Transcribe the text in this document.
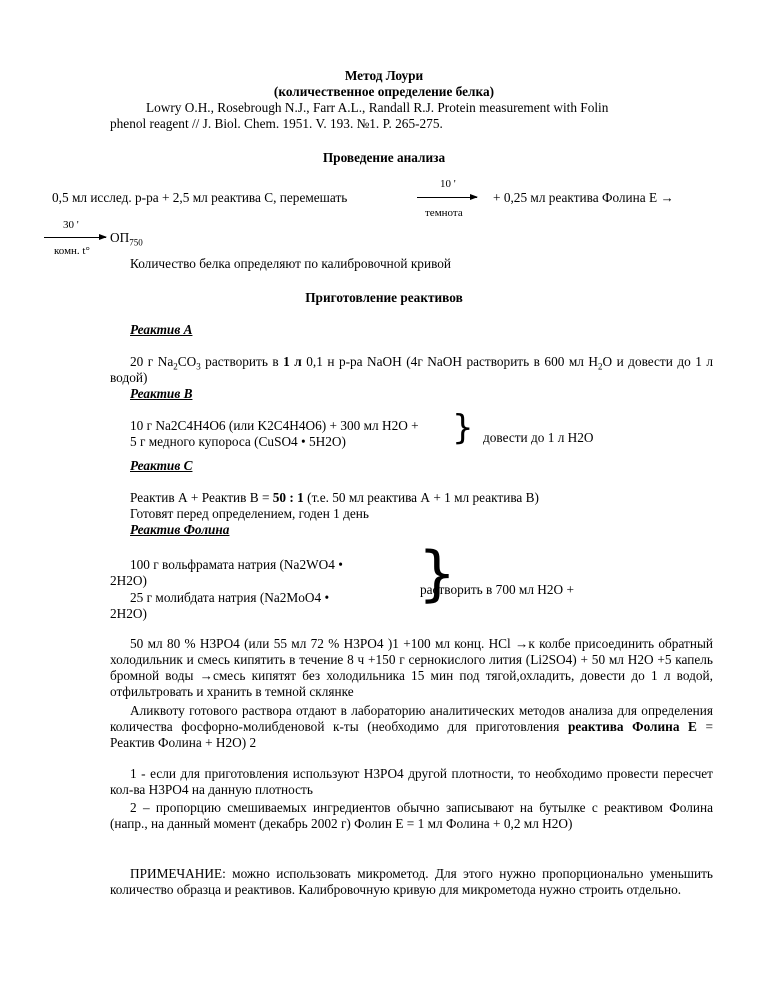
Метод Лоури
(количественное определение белка)
Lowry O.H., Rosebrough N.J., Farr A.L., Randall R.J. Protein measurement with Folin
phenol reagent // J. Biol. Chem. 1951. V. 193. №1. P. 265-275.
Проведение анализа
0,5 мл исслед. р-ра + 2,5 мл реактива С, перемешать
10 '
темнота
+ 0,25 мл реактива Фолина Е →
30 '
комн. t°
$ОП_{750}$
Количество белка определяют по калибровочной кривой
Приготовление реактивов
Реактив А
20 г $Na_2CO_3$ растворить в 1 л 0,1 н р-ра NaOH (4г NaOH растворить в 600 мл $H_2O$ и довести до 1 л водой)
Реактив В
10 г Na2C4H4O6 (или K2C4H4O6) + 300 мл H2O +
5 г медного купороса (CuSO4 • 5H2O)	} довести до 1 л H2O
Реактив С
Реактив А + Реактив В = 50 : 1 (т.е. 50 мл реактива А + 1 мл реактива В)
Готовят перед определением, годен 1 день
Реактив Фолина
100 г вольфрамата натрия (Na2WO4 •
2H2O)
25 г молибдата натрия (Na2MoO4 •
2H2O)
}
растворить в 700 мл H2O +
50 мл 80 % H3PO4 (или 55 мл 72 % H3PO4 )1 +100 мл конц. HCl →к колбе присоединить обратный холодильник и смесь кипятить в течение 8 ч +150 г сернокислого лития (Li2SO4) + 50 мл H2O +5 капель бромной воды →смесь кипятят без холодильника 15 мин под тягой,охладить, довести до 1 л водой, отфильтровать и хранить в темной склянке
Аликвоту готового раствора отдают в лабораторию аналитических методов анализа для определения количества фосфорно-молибденовой к-ты (необходимо для приготовления реактива Фолина Е = Реактив Фолина + H2O) 2
1 - если для приготовления используют H3PO4 другой плотности, то необходимо провести пересчет кол-ва H3PO4 на данную плотность
2 – пропорцию смешиваемых ингредиентов обычно записывают на бутылке с реактивом Фолина (напр., на данный момент (декабрь 2002 г) Фолин Е = 1 мл Фолина + 0,2 мл H2O)
ПРИМЕЧАНИЕ: можно использовать микрометод. Для этого нужно пропорционально уменьшить количество образца и реактивов. Калибровочную кривую для микрометода нужно строить отдельно.
